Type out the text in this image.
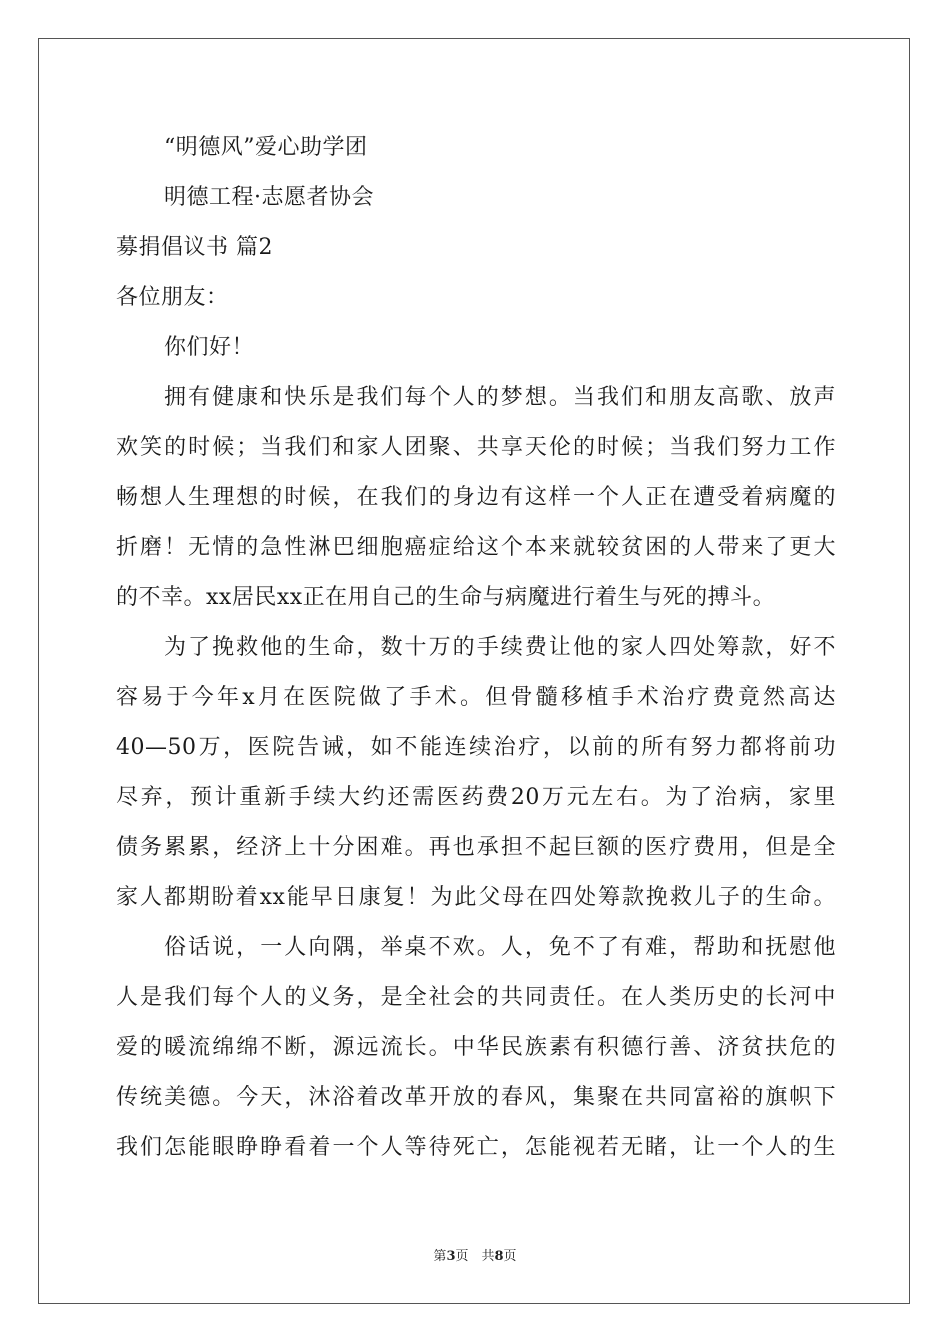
“明德风”爱心助学团
明德工程·志愿者协会
募捐倡议书 篇2
各位朋友：
你们好！
拥有健康和快乐是我们每个人的梦想。当我们和朋友高歌、放声
欢笑的时候；当我们和家人团聚、共享天伦的时候；当我们努力工作
畅想人生理想的时候，在我们的身边有这样一个人正在遭受着病魔的
折磨！无情的急性淋巴细胞癌症给这个本来就较贫困的人带来了更大
的不幸。xx居民xx正在用自己的生命与病魔进行着生与死的搏斗。
为了挽救他的生命，数十万的手续费让他的家人四处筹款，好不
容易于今年x月在医院做了手术。但骨髓移植手术治疗费竟然高达
40—50万，医院告诫，如不能连续治疗，以前的所有努力都将前功
尽弃，预计重新手续大约还需医药费20万元左右。为了治病，家里
债务累累，经济上十分困难。再也承担不起巨额的医疗费用，但是全
家人都期盼着xx能早日康复！为此父母在四处筹款挽救儿子的生命。
俗话说，一人向隅，举桌不欢。人，免不了有难，帮助和抚慰他
人是我们每个人的义务，是全社会的共同责任。在人类历史的长河中
爱的暖流绵绵不断，源远流长。中华民族素有积德行善、济贫扶危的
传统美德。今天，沐浴着改革开放的春风，集聚在共同富裕的旗帜下
我们怎能眼睁睁看着一个人等待死亡，怎能视若无睹，让一个人的生
第3页　共8页
